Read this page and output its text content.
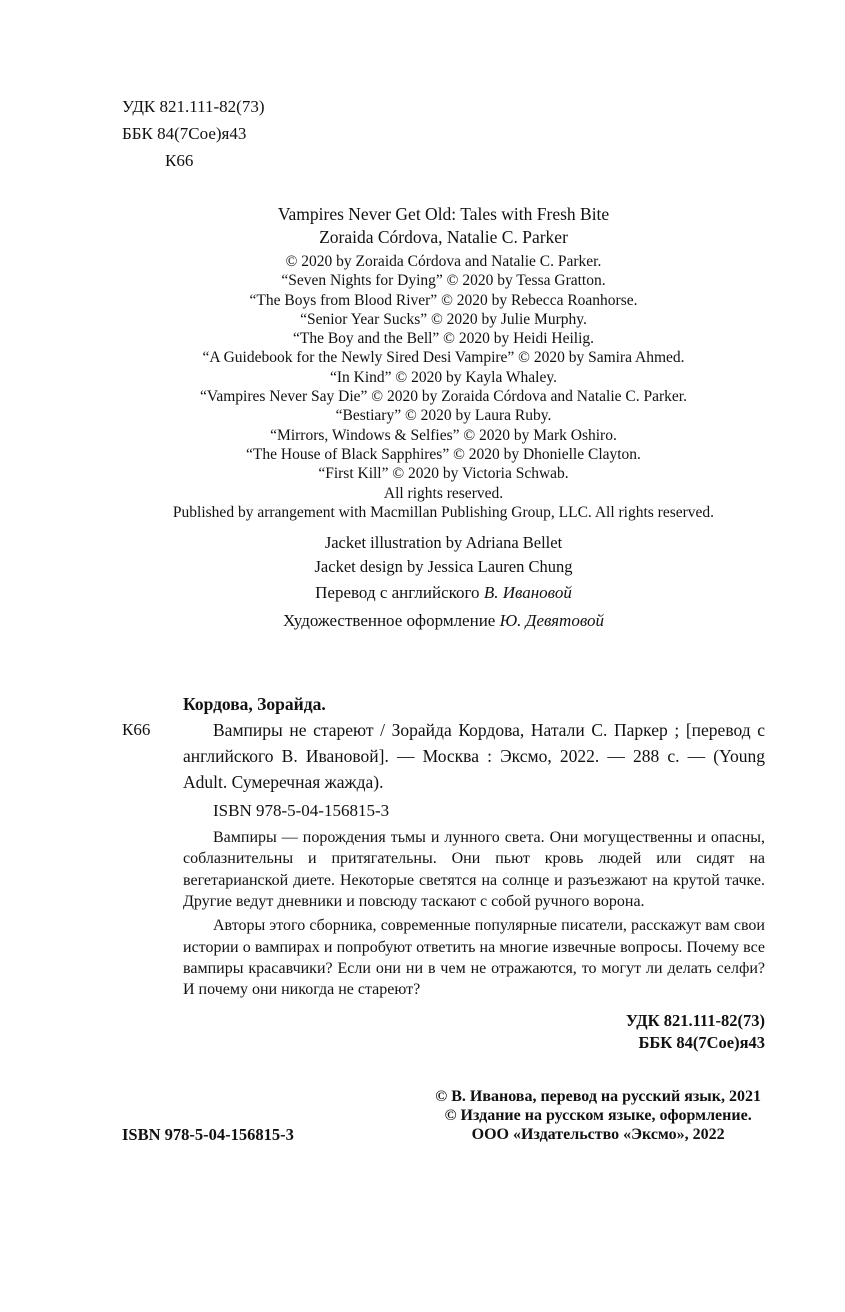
УДК 821.111-82(73)
ББК 84(7Сое)я43
К66
Vampires Never Get Old: Tales with Fresh Bite
Zoraida Córdova, Natalie C. Parker
© 2020 by Zoraida Córdova and Natalie C. Parker.
“Seven Nights for Dying” © 2020 by Tessa Gratton.
“The Boys from Blood River” © 2020 by Rebecca Roanhorse.
“Senior Year Sucks” © 2020 by Julie Murphy.
“The Boy and the Bell” © 2020 by Heidi Heilig.
“A Guidebook for the Newly Sired Desi Vampire” © 2020 by Samira Ahmed.
“In Kind” © 2020 by Kayla Whaley.
“Vampires Never Say Die” © 2020 by Zoraida Córdova and Natalie C. Parker.
“Bestiary” © 2020 by Laura Ruby.
“Mirrors, Windows & Selfies” © 2020 by Mark Oshiro.
“The House of Black Sapphires” © 2020 by Dhonielle Clayton.
“First Kill” © 2020 by Victoria Schwab.
All rights reserved.
Published by arrangement with Macmillan Publishing Group, LLC. All rights reserved.
Jacket illustration by Adriana Bellet
Jacket design by Jessica Lauren Chung
Перевод с английского В. Ивановой
Художественное оформление Ю. Девятовой

Кордова, Зорайда.

К66	Вампиры не стареют / Зорайда Кордова, Натали С. Паркер ; [перевод с английского В. Ивановой]. — Москва : Эксмо, 2022. — 288 с. — (Young Adult. Сумеречная жажда).

ISBN 978-5-04-156815-3

Вампиры — порождения тьмы и лунного света. Они могущественны и опасны, соблазнительны и притягательны. Они пьют кровь людей или сидят на вегетарианской диете. Некоторые светятся на солнце и разъезжают на крутой тачке. Другие ведут дневники и повсюду таскают с собой ручного ворона.

Авторы этого сборника, современные популярные писатели, расскажут вам свои истории о вампирах и попробуют ответить на многие извечные вопросы. Почему все вампиры красавчики? Если они ни в чем не отражаются, то могут ли делать селфи? И почему они никогда не стареют?

УДК 821.111-82(73)
ББК 84(7Сое)я43
ISBN 978-5-04-156815-3
© В. Иванова, перевод на русский язык, 2021
© Издание на русском языке, оформление.
ООО «Издательство «Эксмо», 2022
